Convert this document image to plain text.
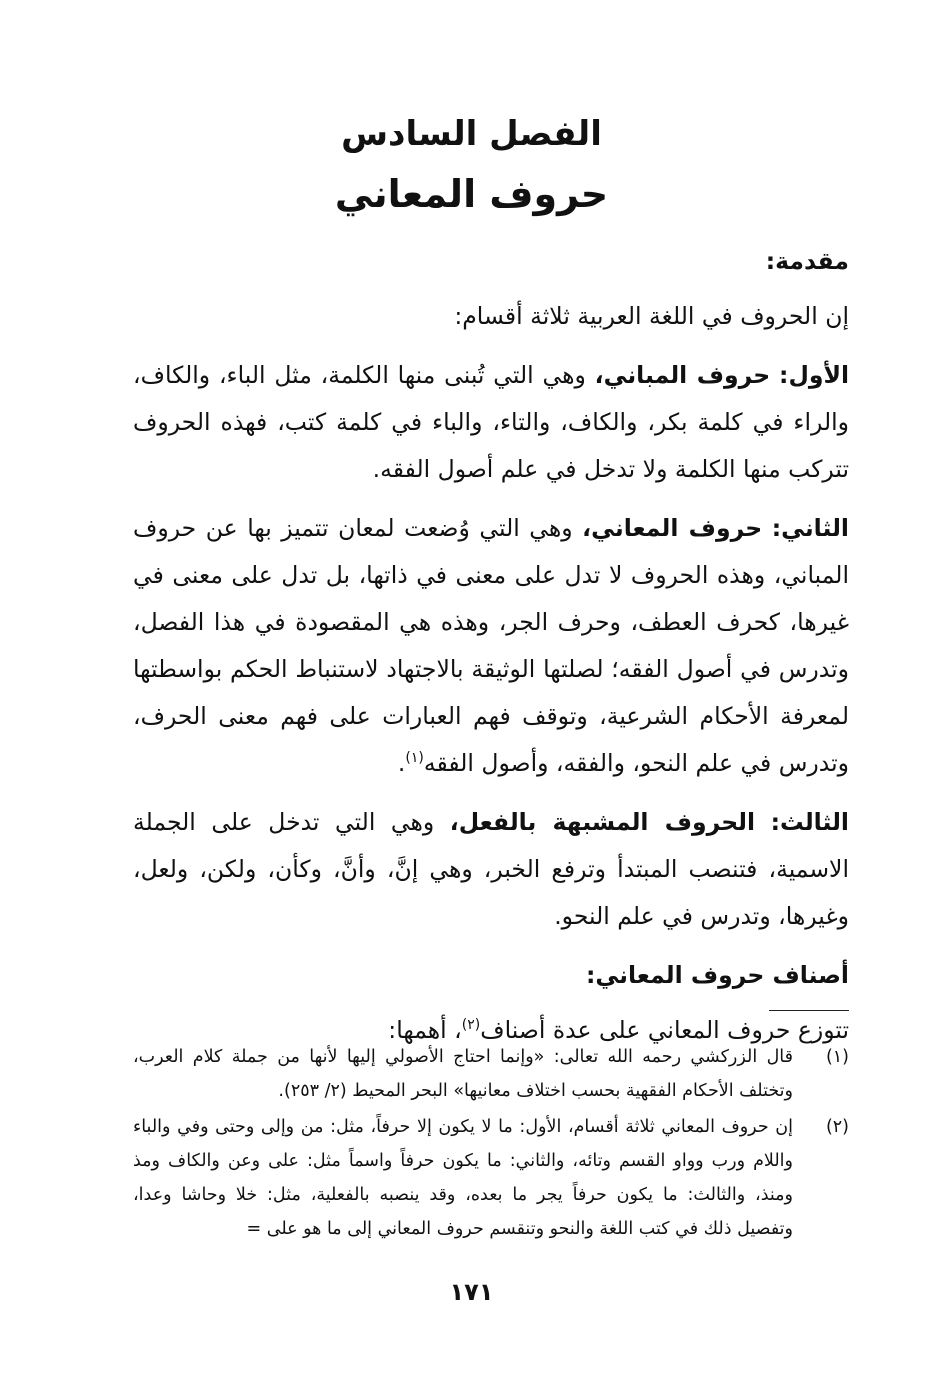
الفصل السادس
حروف المعاني

مقدمة:

إن الحروف في اللغة العربية ثلاثة أقسام:

الأول: حروف المباني، وهي التي تُبنى منها الكلمة، مثل الباء، والكاف، والراء في كلمة بكر، والكاف، والتاء، والباء في كلمة كتب، فهذه الحروف تتركب منها الكلمة ولا تدخل في علم أصول الفقه.

الثاني: حروف المعاني، وهي التي وُضعت لمعان تتميز بها عن حروف المباني، وهذه الحروف لا تدل على معنى في ذاتها، بل تدل على معنى في غيرها، كحرف العطف، وحرف الجر، وهذه هي المقصودة في هذا الفصل، وتدرس في أصول الفقه؛ لصلتها الوثيقة بالاجتهاد لاستنباط الحكم بواسطتها لمعرفة الأحكام الشرعية، وتوقف فهم العبارات على فهم معنى الحرف، وتدرس في علم النحو، والفقه، وأصول الفقه$^{(١)}$.

الثالث: الحروف المشبهة بالفعل، وهي التي تدخل على الجملة الاسمية، فتنصب المبتدأ وترفع الخبر، وهي إنَّ، وأنَّ، وكأن، ولكن، ولعل، وغيرها، وتدرس في علم النحو.

أصناف حروف المعاني:

تتوزع حروف المعاني على عدة أصناف$^{(٢)}$، أهمها:

(١)
قال الزركشي رحمه الله تعالى: «وإنما احتاج الأصولي إليها لأنها من جملة كلام العرب، وتختلف الأحكام الفقهية بحسب اختلاف معانيها» البحر المحيط (٢/ ٢٥٣).
(٢)
إن حروف المعاني ثلاثة أقسام، الأول: ما لا يكون إلا حرفاً، مثل: من وإلى وحتى وفي والباء واللام ورب وواو القسم وتائه، والثاني: ما يكون حرفاً واسماً مثل: على وعن والكاف ومذ ومنذ، والثالث: ما يكون حرفاً يجر ما بعده، وقد ينصبه بالفعلية، مثل: خلا وحاشا وعدا، وتفصيل ذلك في كتب اللغة والنحو وتنقسم حروف المعاني إلى ما هو على =
١٧١
